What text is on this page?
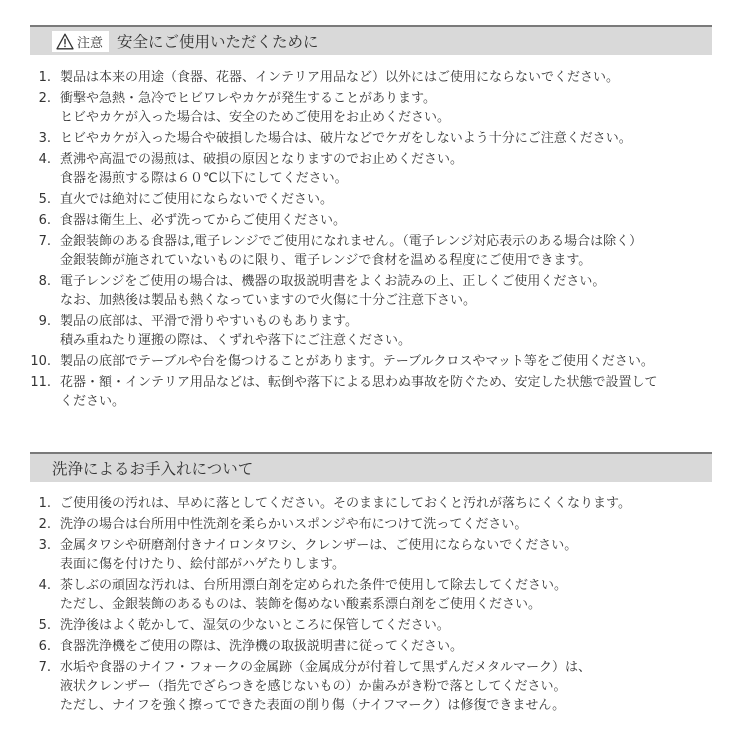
注意 安全にご使用いただくために
1. 製品は本来の用途（食器、花器、インテリア用品など）以外にはご使用にならないでください。
2. 衝撃や急熱・急冷でヒビワレやカケが発生することがあります。
ヒビやカケが入った場合は、安全のためご使用をお止めください。
3. ヒビやカケが入った場合や破損した場合は、破片などでケガをしないよう十分にご注意ください。
4. 煮沸や高温での湯煎は、破損の原因となりますのでお止めください。
食器を湯煎する際は６０℃以下にしてください。
5. 直火では絶対にご使用にならないでください。
6. 食器は衛生上、必ず洗ってからご使用ください。
7. 金銀装飾のある食器は,電子レンジでご使用になれません。（電子レンジ対応表示のある場合は除く）
金銀装飾が施されていないものに限り、電子レンジで食材を温める程度にご使用できます。
8. 電子レンジをご使用の場合は、機器の取扱説明書をよくお読みの上、正しくご使用ください。
なお、加熱後は製品も熱くなっていますので火傷に十分ご注意下さい。
9. 製品の底部は、平滑で滑りやすいものもあります。
積み重ねたり運搬の際は、くずれや落下にご注意ください。
10. 製品の底部でテーブルや台を傷つけることがあります。テーブルクロスやマット等をご使用ください。
11. 花器・額・インテリア用品などは、転倒や落下による思わぬ事故を防ぐため、安定した状態で設置して
ください。
洗浄によるお手入れについて
1. ご使用後の汚れは、早めに落としてください。そのままにしておくと汚れが落ちにくくなります。
2. 洗浄の場合は台所用中性洗剤を柔らかいスポンジや布につけて洗ってください。
3. 金属タワシや研磨剤付きナイロンタワシ、クレンザーは、ご使用にならないでください。
表面に傷を付けたり、絵付部がハゲたりします。
4. 茶しぶの頑固な汚れは、台所用漂白剤を定められた条件で使用して除去してください。
ただし、金銀装飾のあるものは、装飾を傷めない酸素系漂白剤をご使用ください。
5. 洗浄後はよく乾かして、湿気の少ないところに保管してください。
6. 食器洗浄機をご使用の際は、洗浄機の取扱説明書に従ってください。
7. 水垢や食器のナイフ・フォークの金属跡（金属成分が付着して黒ずんだメタルマーク）は、
液状クレンザー（指先でざらつきを感じないもの）か歯みがき粉で落としてください。
ただし、ナイフを強く擦ってできた表面の削り傷（ナイフマーク）は修復できません。
